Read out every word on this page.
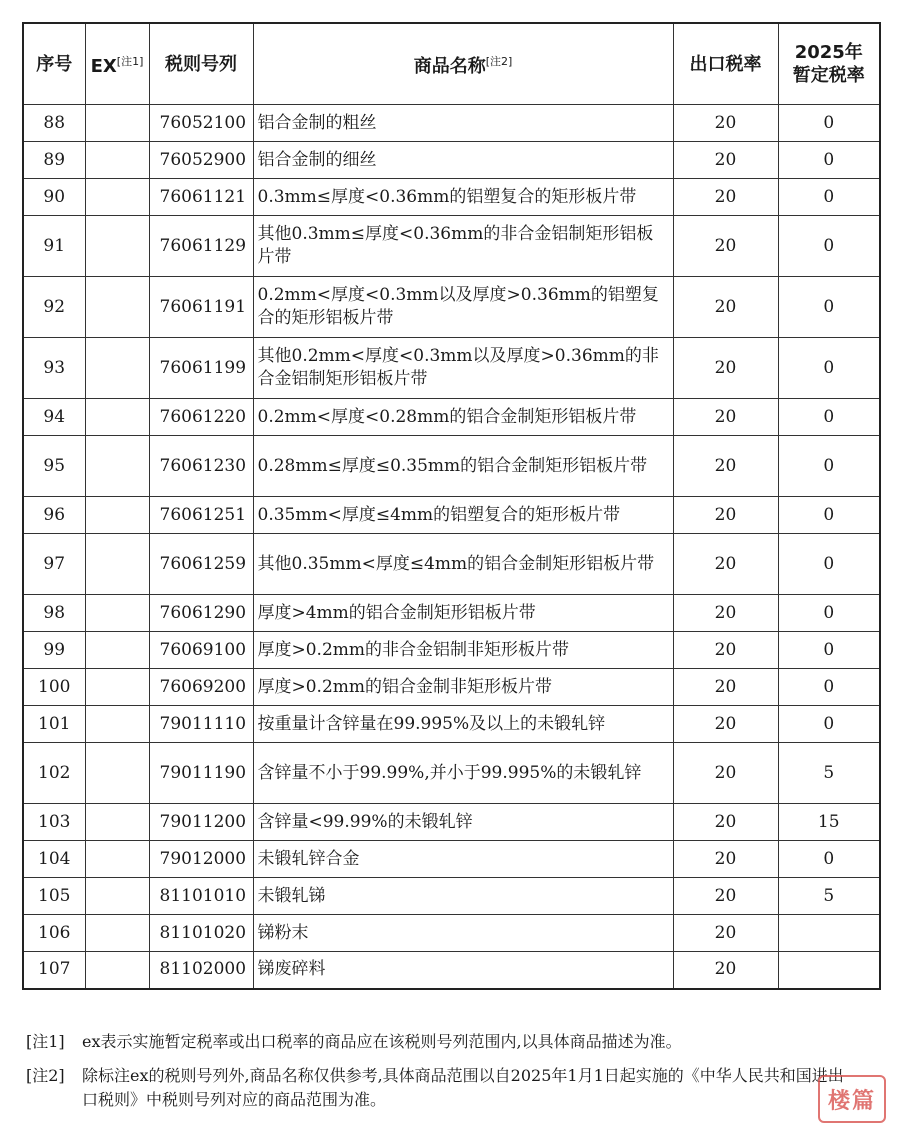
序号	EX[注1]	税则号列	商品名称[注2]	出口税率	2025年
暂定税率

88		76052100	铝合金制的粗丝	20	0
89		76052900	铝合金制的细丝	20	0
90		76061121	0.3mm≤厚度<0.36mm的铝塑复合的矩形板片带	20	0
91		76061129	其他0.3mm≤厚度<0.36mm的非合金铝制矩形铝板片带	20	0
92		76061191	0.2mm<厚度<0.3mm以及厚度>0.36mm的铝塑复合的矩形铝板片带	20	0
93		76061199	其他0.2mm<厚度<0.3mm以及厚度>0.36mm的非合金铝制矩形铝板片带	20	0
94		76061220	0.2mm<厚度<0.28mm的铝合金制矩形铝板片带	20	0
95		76061230	0.28mm≤厚度≤0.35mm的铝合金制矩形铝板片带	20	0
96		76061251	0.35mm<厚度≤4mm的铝塑复合的矩形板片带	20	0
97		76061259	其他0.35mm<厚度≤4mm的铝合金制矩形铝板片带	20	0
98		76061290	厚度>4mm的铝合金制矩形铝板片带	20	0
99		76069100	厚度>0.2mm的非合金铝制非矩形板片带	20	0
100		76069200	厚度>0.2mm的铝合金制非矩形板片带	20	0
101		79011110	按重量计含锌量在99.995%及以上的未锻轧锌	20	0
102		79011190	含锌量不小于99.99%,并小于99.995%的未锻轧锌	20	5
103		79011200	含锌量<99.99%的未锻轧锌	20	15
104		79012000	未锻轧锌合金	20	0
105		81101010	未锻轧锑	20	5
106		81101020	锑粉末	20	
107		81102000	锑废碎料	20	
[注1]	ex表示实施暂定税率或出口税率的商品应在该税则号列范围内,以具体商品描述为准。
[注2]	除标注ex的税则号列外,商品名称仅供参考,具体商品范围以自2025年1月1日起实施的《中华人民共和国进出口税则》中税则号列对应的商品范围为准。	楼篇
